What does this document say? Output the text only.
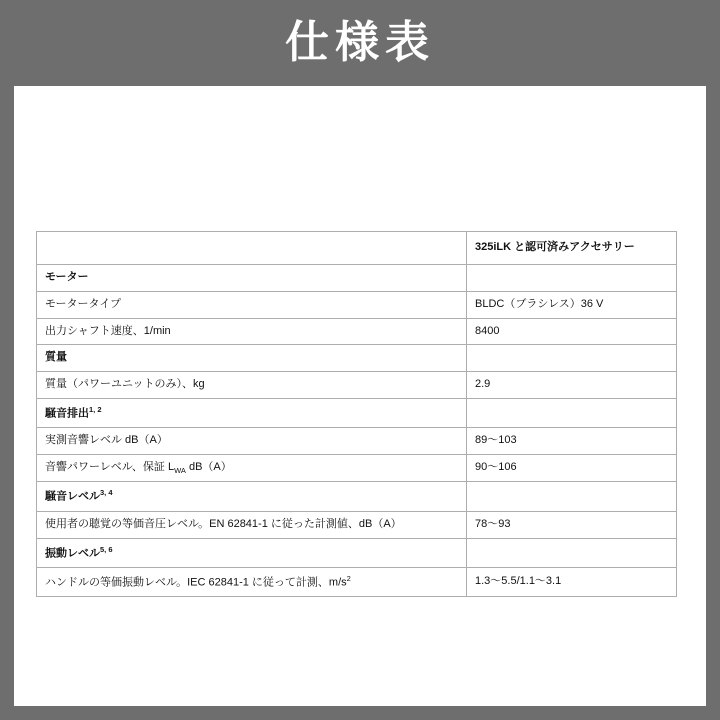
仕様表
	325iLK と認可済みアクセサリー
モーター	
モータータイプ	BLDC（ブラシレス）36 V
出力シャフト速度、1/min	8400
質量	
質量（パワーユニットのみ）、kg	2.9
騒音排出$^{1, 2}$	
実測音響レベル dB（A）	89〜103
音響パワーレベル、保証 $L_{WA}$ dB（A）	90〜106
騒音レベル$^{3, 4}$	
使用者の聴覚の等価音圧レベル。EN 62841-1 に従った計測値、dB（A）	78〜93
振動レベル$^{5, 6}$	
ハンドルの等価振動レベル。IEC 62841-1 に従って計測、$m/s^2$	1.3〜5.5/1.1〜3.1
